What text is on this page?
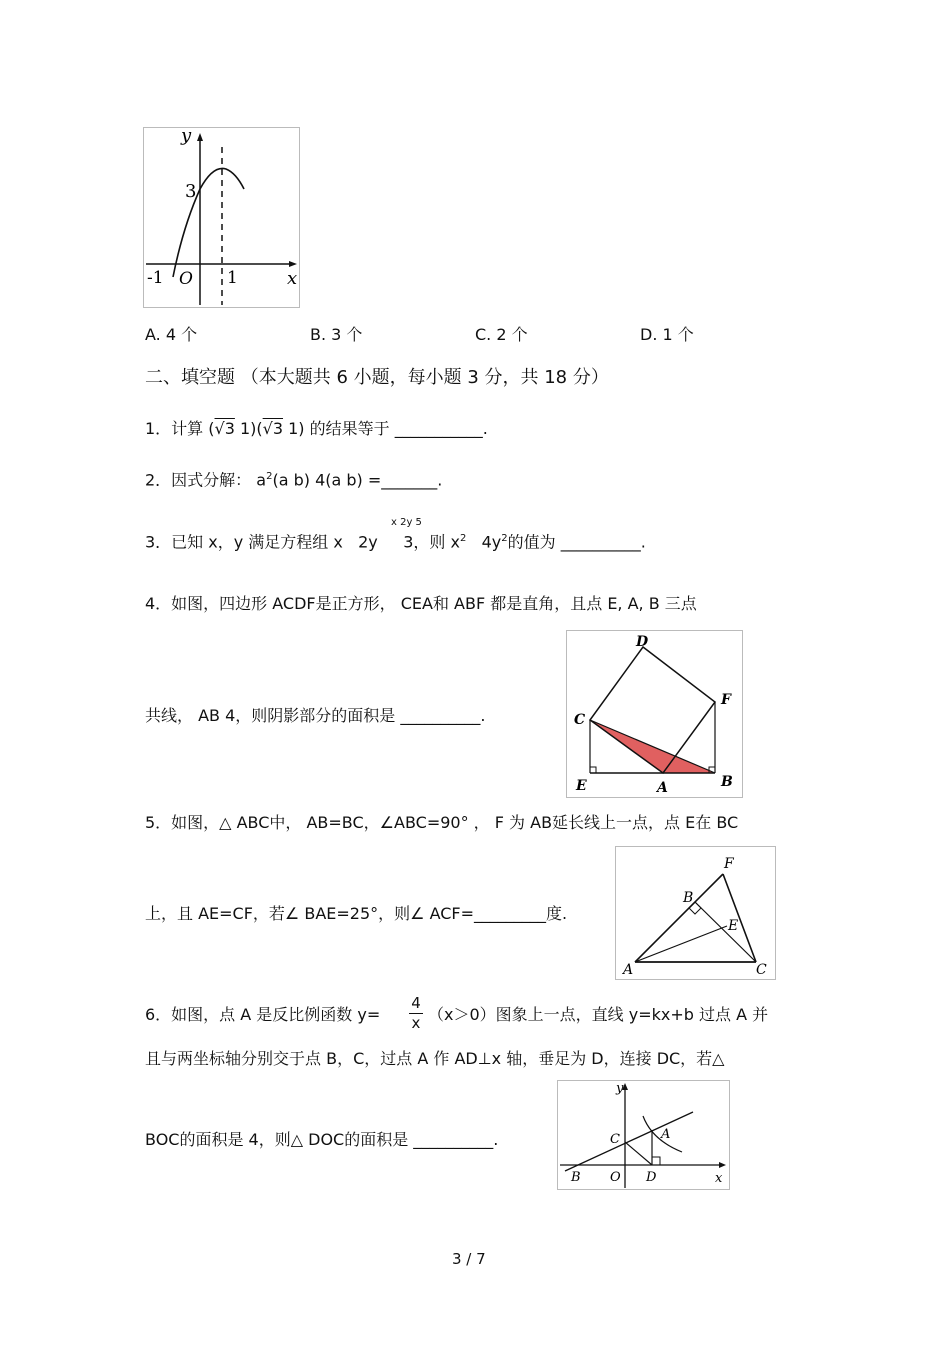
y
3
-1 O 1	x
A. 4 个	B. 3 个	C. 2 个	D. 1 个
二、填空题 （本大题共 6 小题，每小题 3 分，共 18 分）
1．计算 (√3 1)(√3 1) 的结果等于 ___________.
2．因式分解： $a^2(a$ b) 4(a b) =_______.
x 2y 5
3．已知 x，y 满足方程组 x 2y 3，则 $x^2$ $4y^2$的值为 __________.
4．如图，四边形 ACDF是正方形， CEA和 ABF 都是直角，且点 E, A, B 三点
共线， AB 4，则阴影部分的面积是 __________.
D
F
C
E	A	B
5．如图，△ ABC中， AB=BC，∠ABC=90° ， F 为 AB延长线上一点，点 E在 BC
上，且 AE=CF，若∠ BAE=25°，则∠ ACF=_________度.
F
B
E
A	C
6．如图，点 A 是反比例函数 y=
4
x （x＞0）图象上一点，直线 y=kx+b 过点 A 并
且与两坐标轴分别交于点 B，C，过点 A 作 AD⊥x 轴，垂足为 D，连接 DC，若△
BOC的面积是 4，则△ DOC的面积是 __________.
y
x
C	A
B O D
3 / 7
